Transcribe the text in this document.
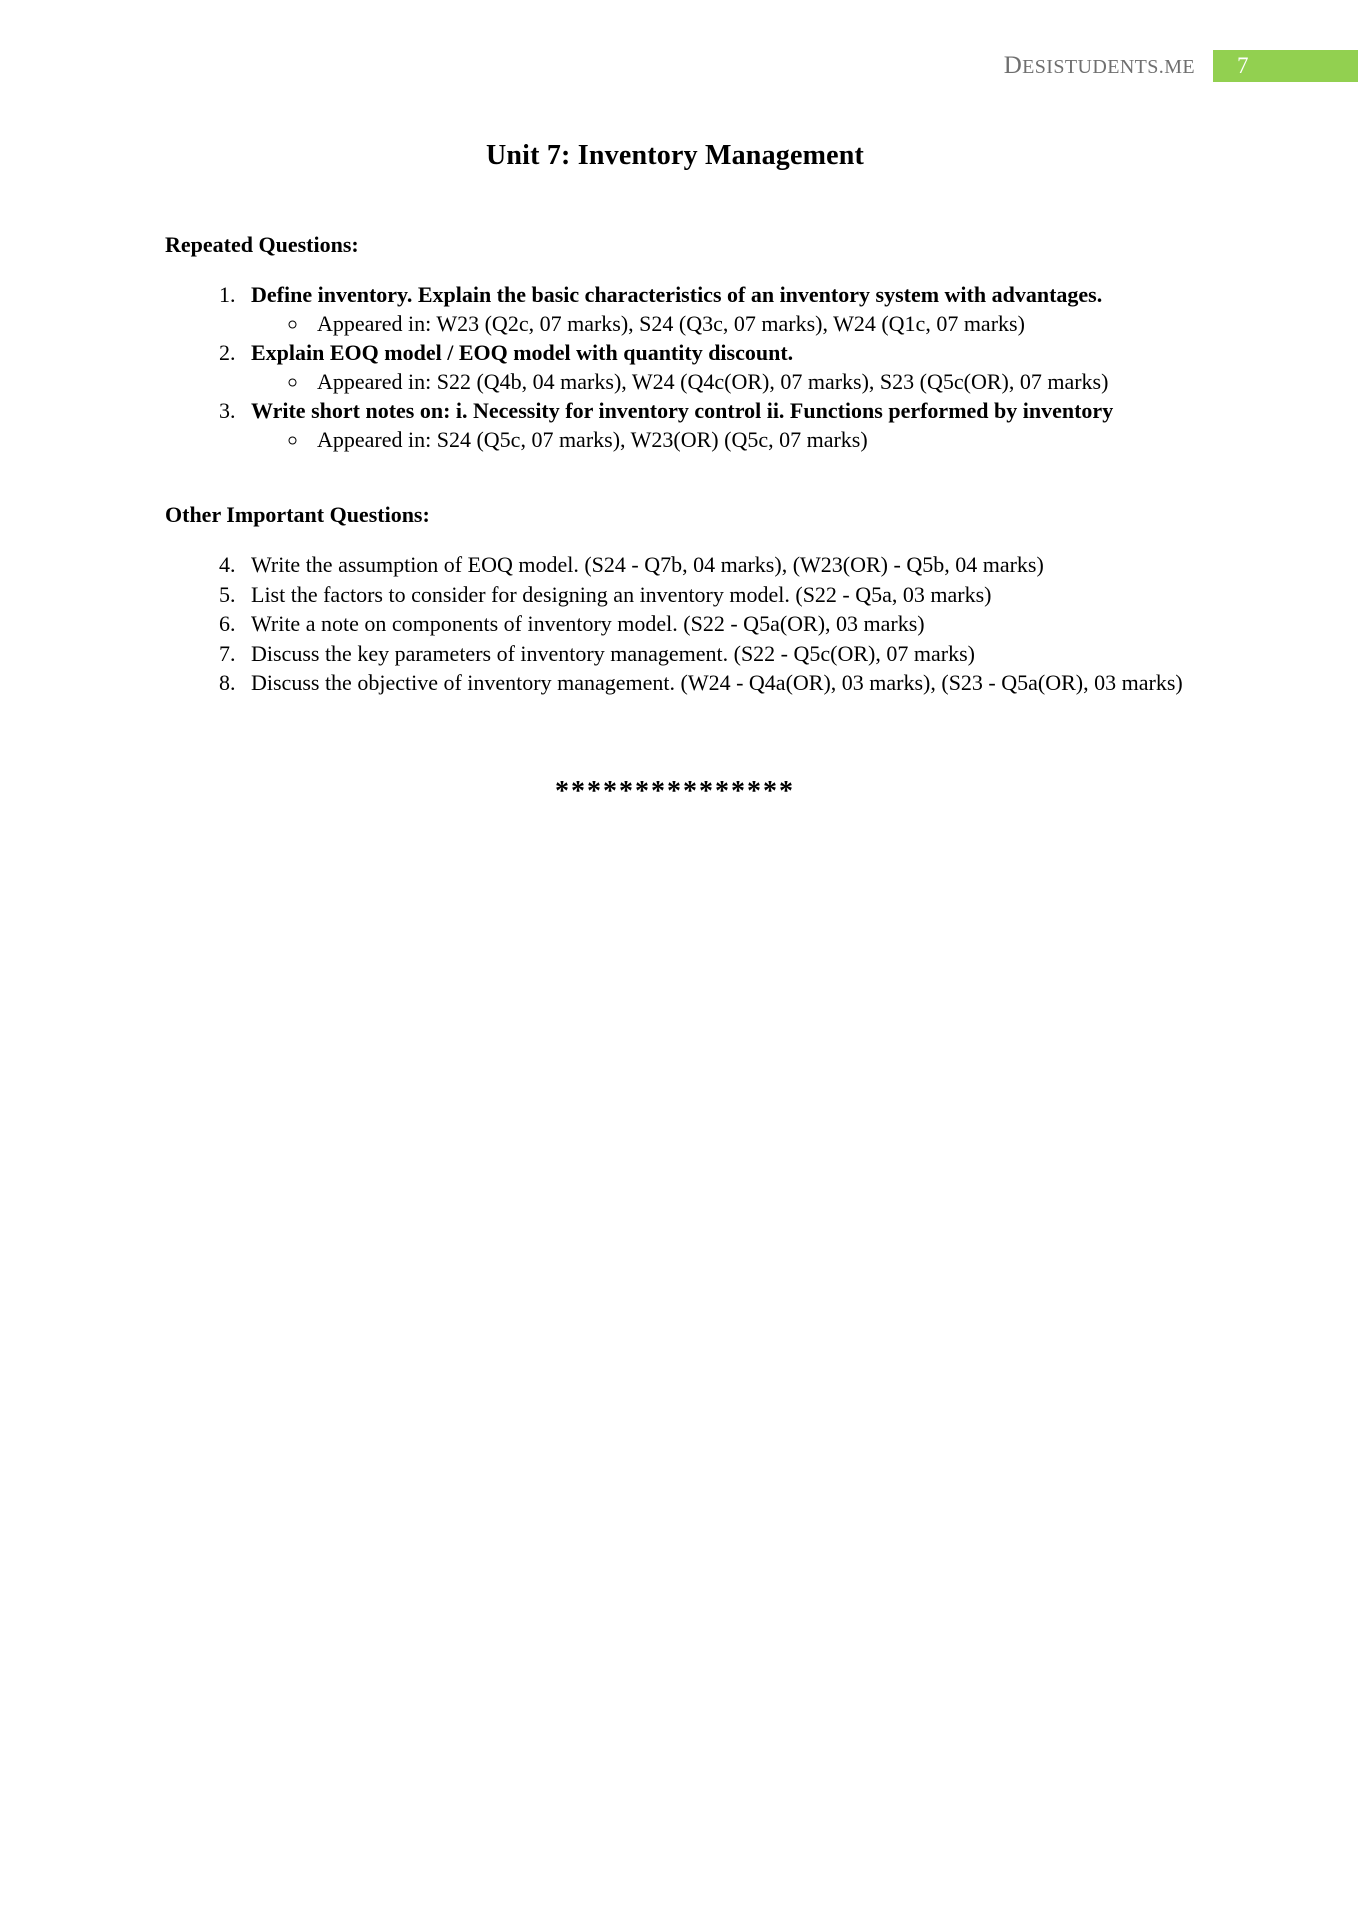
DESISTUDENTS.ME 7
Unit 7: Inventory Management
Repeated Questions:
1. Define inventory. Explain the basic characteristics of an inventory system with advantages.
◦ Appeared in: W23 (Q2c, 07 marks), S24 (Q3c, 07 marks), W24 (Q1c, 07 marks)
2. Explain EOQ model / EOQ model with quantity discount.
◦ Appeared in: S22 (Q4b, 04 marks), W24 (Q4c(OR), 07 marks), S23 (Q5c(OR), 07 marks)
3. Write short notes on: i. Necessity for inventory control ii. Functions performed by inventory
◦ Appeared in: S24 (Q5c, 07 marks), W23(OR) (Q5c, 07 marks)
Other Important Questions:
4. Write the assumption of EOQ model. (S24 - Q7b, 04 marks), (W23(OR) - Q5b, 04 marks)
5. List the factors to consider for designing an inventory model. (S22 - Q5a, 03 marks)
6. Write a note on components of inventory model. (S22 - Q5a(OR), 03 marks)
7. Discuss the key parameters of inventory management. (S22 - Q5c(OR), 07 marks)
8. Discuss the objective of inventory management. (W24 - Q4a(OR), 03 marks), (S23 - Q5a(OR), 03 marks)
***************
